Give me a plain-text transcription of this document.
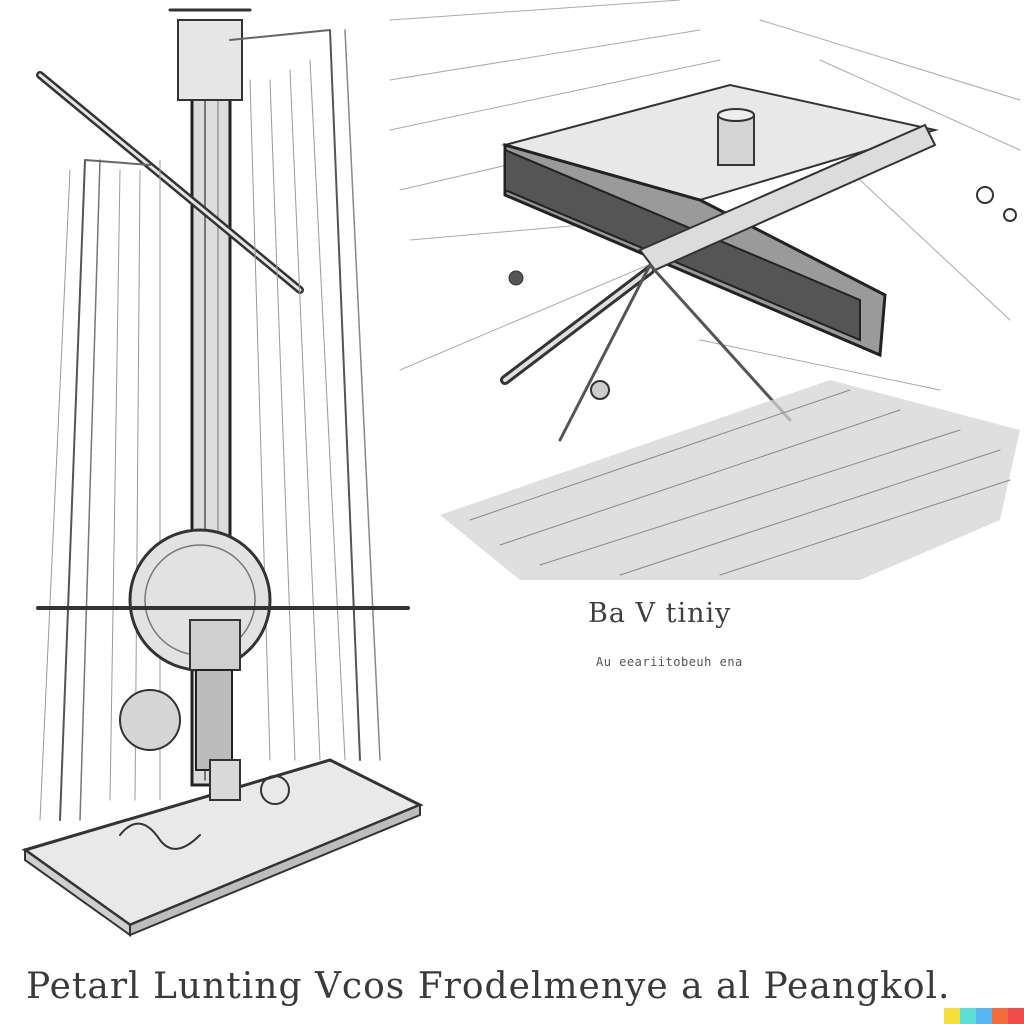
Ba V tiniy
Au eeariitobeuh ena
Petarl Lunting Vcos Frodelmenye a al Peangkol.
